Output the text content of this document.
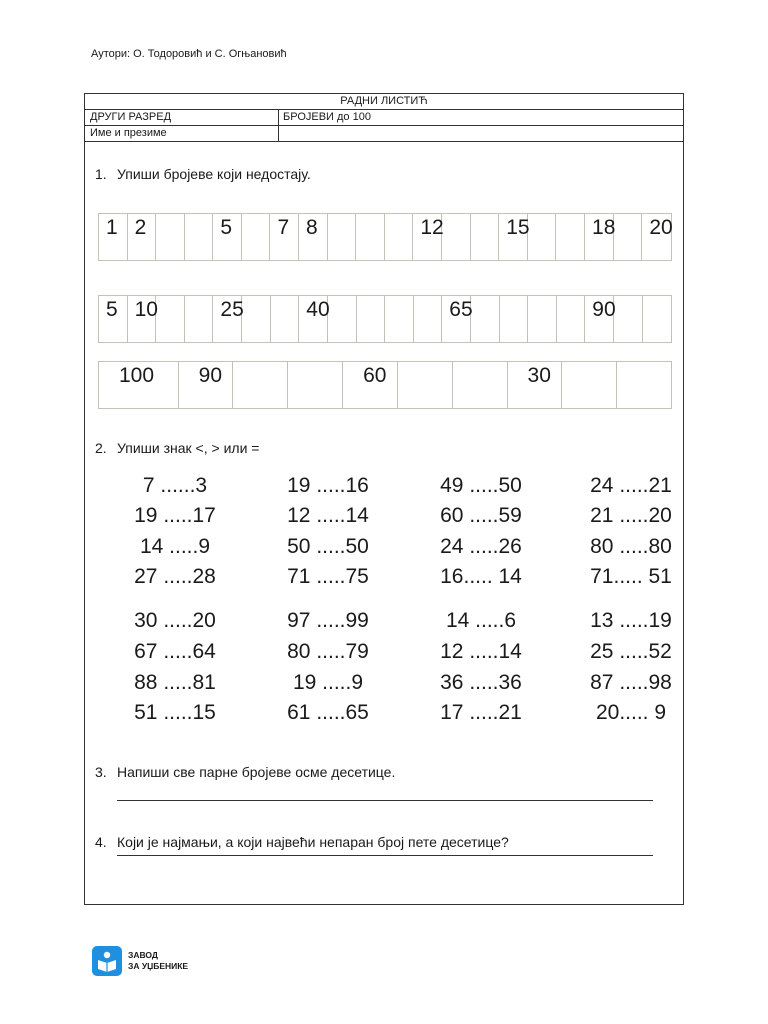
Аутори: О. Тодоровић и С. Огњановић
РАДНИ ЛИСТИЋ
ДРУГИ РАЗРЕД	БРОЈЕВИ до 100
Име и презиме
1. Упиши бројеве који недостају.
1 2	5	7 8	12	15	18	20
5 10	25	40	65	90
100	90	60	30
2. Упиши знак <, > или =
7 ......3	19 .....16	49 .....50	24 .....21
19 .....17	12 .....14	60 .....59	21 .....20
14 .....9	50 .....50	24 .....26	80 .....80
27 .....28	71 .....75	16..... 14	71..... 51
30 .....20	97 .....99	14 .....6	13 .....19
67 .....64	80 .....79	12 .....14	25 .....52
88 .....81	19 .....9	36 .....36	87 .....98
51 .....15	61 .....65	17 .....21	20..... 9
3. Напиши све парне бројеве осме десетице.
4. Који је најмањи, а који највећи непаран број пете десетице?
ЗАВОД
ЗА УЏБЕНИКЕ
